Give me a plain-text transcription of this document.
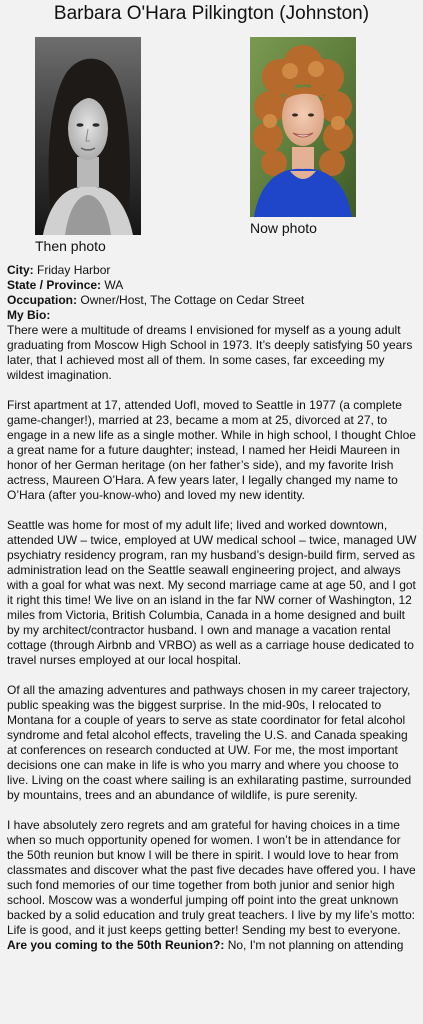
Barbara O'Hara Pilkington (Johnston)
Then photo
Now photo
City: Friday Harbor
State / Province: WA
Occupation: Owner/Host, The Cottage on Cedar Street
My Bio:

There were a multitude of dreams I envisioned for myself as a young adult graduating from Moscow High School in 1973. It’s deeply satisfying 50 years later, that I achieved most all of them. In some cases, far exceeding my wildest imagination.

First apartment at 17, attended UofI, moved to Seattle in 1977 (a complete game-changer!), married at 23, became a mom at 25, divorced at 27, to engage in a new life as a single mother. While in high school, I thought Chloe a great name for a future daughter; instead, I named her Heidi Maureen in honor of her German heritage (on her father’s side), and my favorite Irish actress, Maureen O’Hara. A few years later, I legally changed my name to O’Hara (after you-know-who) and loved my new identity.

Seattle was home for most of my adult life; lived and worked downtown, attended UW – twice, employed at UW medical school – twice, managed UW psychiatry residency program, ran my husband’s design-build firm, served as administration lead on the Seattle seawall engineering project, and always with a goal for what was next. My second marriage came at age 50, and I got it right this time! We live on an island in the far NW corner of Washington, 12 miles from Victoria, British Columbia, Canada in a home designed and built by my architect/contractor husband. I own and manage a vacation rental cottage (through Airbnb and VRBO) as well as a carriage house dedicated to travel nurses employed at our local hospital.

Of all the amazing adventures and pathways chosen in my career trajectory, public speaking was the biggest surprise. In the mid-90s, I relocated to Montana for a couple of years to serve as state coordinator for fetal alcohol syndrome and fetal alcohol effects, traveling the U.S. and Canada speaking at conferences on research conducted at UW. For me, the most important decisions one can make in life is who you marry and where you choose to live. Living on the coast where sailing is an exhilarating pastime, surrounded by mountains, trees and an abundance of wildlife, is pure serenity.

I have absolutely zero regrets and am grateful for having choices in a time when so much opportunity opened for women. I won’t be in attendance for the 50th reunion but know I will be there in spirit. I would love to hear from classmates and discover what the past five decades have offered you. I have such fond memories of our time together from both junior and senior high school. Moscow was a wonderful jumping off point into the great unknown backed by a solid education and truly great teachers. I live by my life’s motto: Life is good, and it just keeps getting better! Sending my best to everyone.

Are you coming to the 50th Reunion?: No, I'm not planning on attending
